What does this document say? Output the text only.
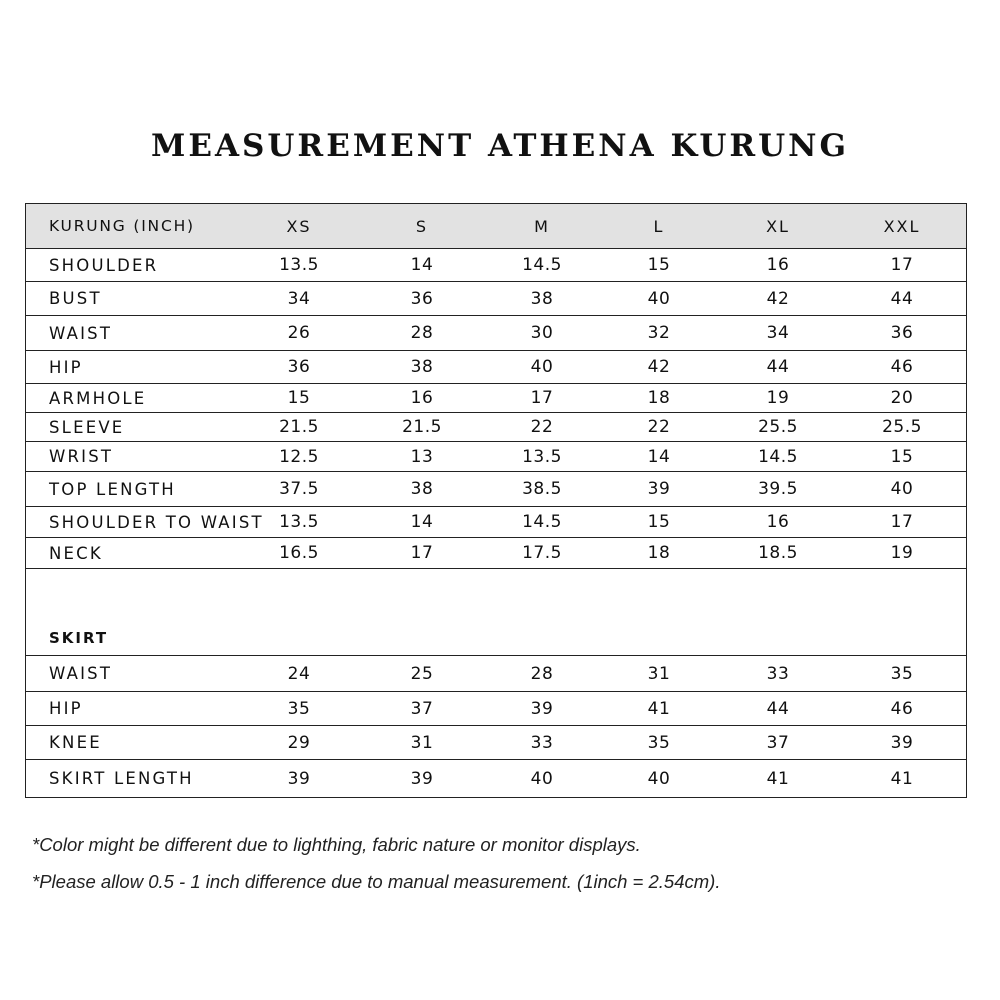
MEASUREMENT ATHENA KURUNG
KURUNG (INCH)	XS	S	M	L	XL	XXL
SHOULDER	13.5	14	14.5	15	16	17
BUST	34	36	38	40	42	44
WAIST	26	28	30	32	34	36
HIP	36	38	40	42	44	46
ARMHOLE	15	16	17	18	19	20
SLEEVE	21.5	21.5	22	22	25.5	25.5
WRIST	12.5	13	13.5	14	14.5	15
TOP LENGTH	37.5	38	38.5	39	39.5	40
SHOULDER TO WAIST 13.5	14	14.5	15	16	17
NECK	16.5	17	17.5	18	18.5	19
SKIRT
WAIST	24	25	28	31	33	35
HIP	35	37	39	41	44	46
KNEE	29	31	33	35	37	39
SKIRT LENGTH	39	39	40	40	41	41
*Color might be different due to lighthing, fabric nature or monitor displays.
*Please allow 0.5 - 1 inch difference due to manual measurement. (1inch = 2.54cm).
